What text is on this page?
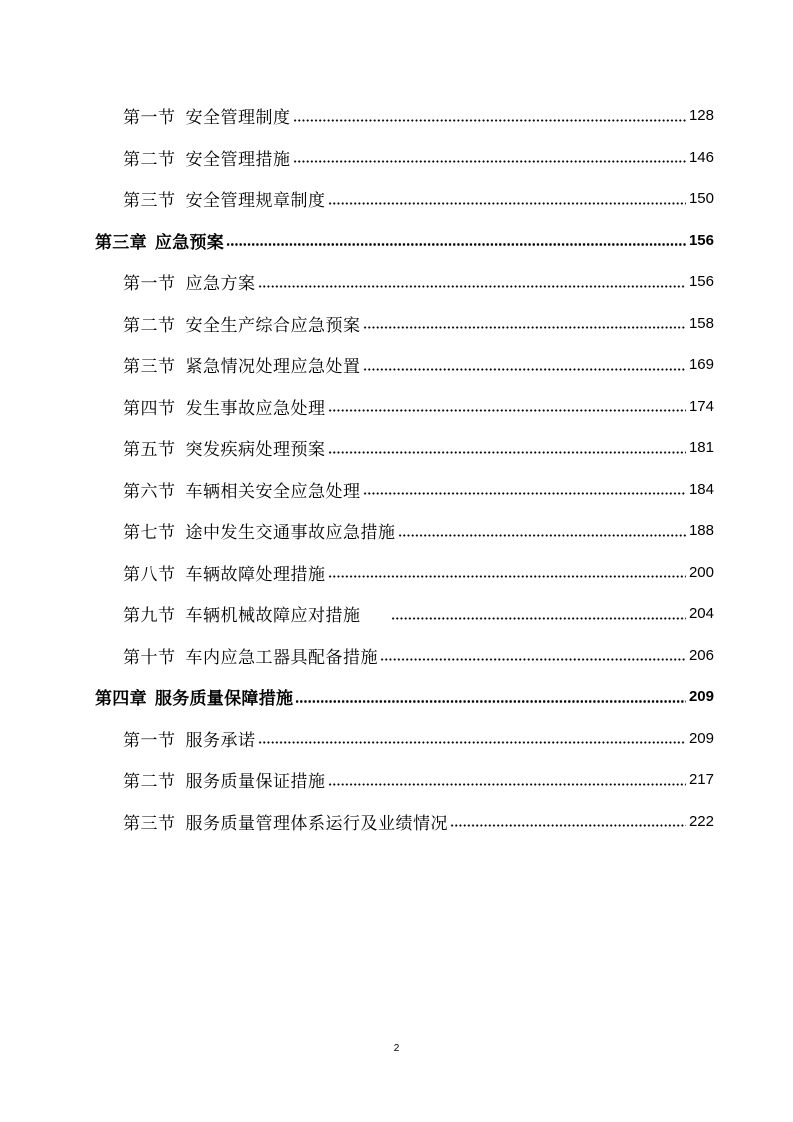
第一节 安全管理制度	128
第二节 安全管理措施	146
第三节 安全管理规章制度	150
第三章 应急预案	156
第一节 应急方案	156
第二节 安全生产综合应急预案	158
第三节 紧急情况处理应急处置	169
第四节 发生事故应急处理	174
第五节 突发疾病处理预案	181
第六节 车辆相关安全应急处理	184
第七节 途中发生交通事故应急措施	188
第八节 车辆故障处理措施	200
第九节 车辆机械故障应对措施	204
第十节 车内应急工器具配备措施	206
第四章 服务质量保障措施	209
第一节 服务承诺	209
第二节 服务质量保证措施	217
第三节 服务质量管理体系运行及业绩情况	222
2
